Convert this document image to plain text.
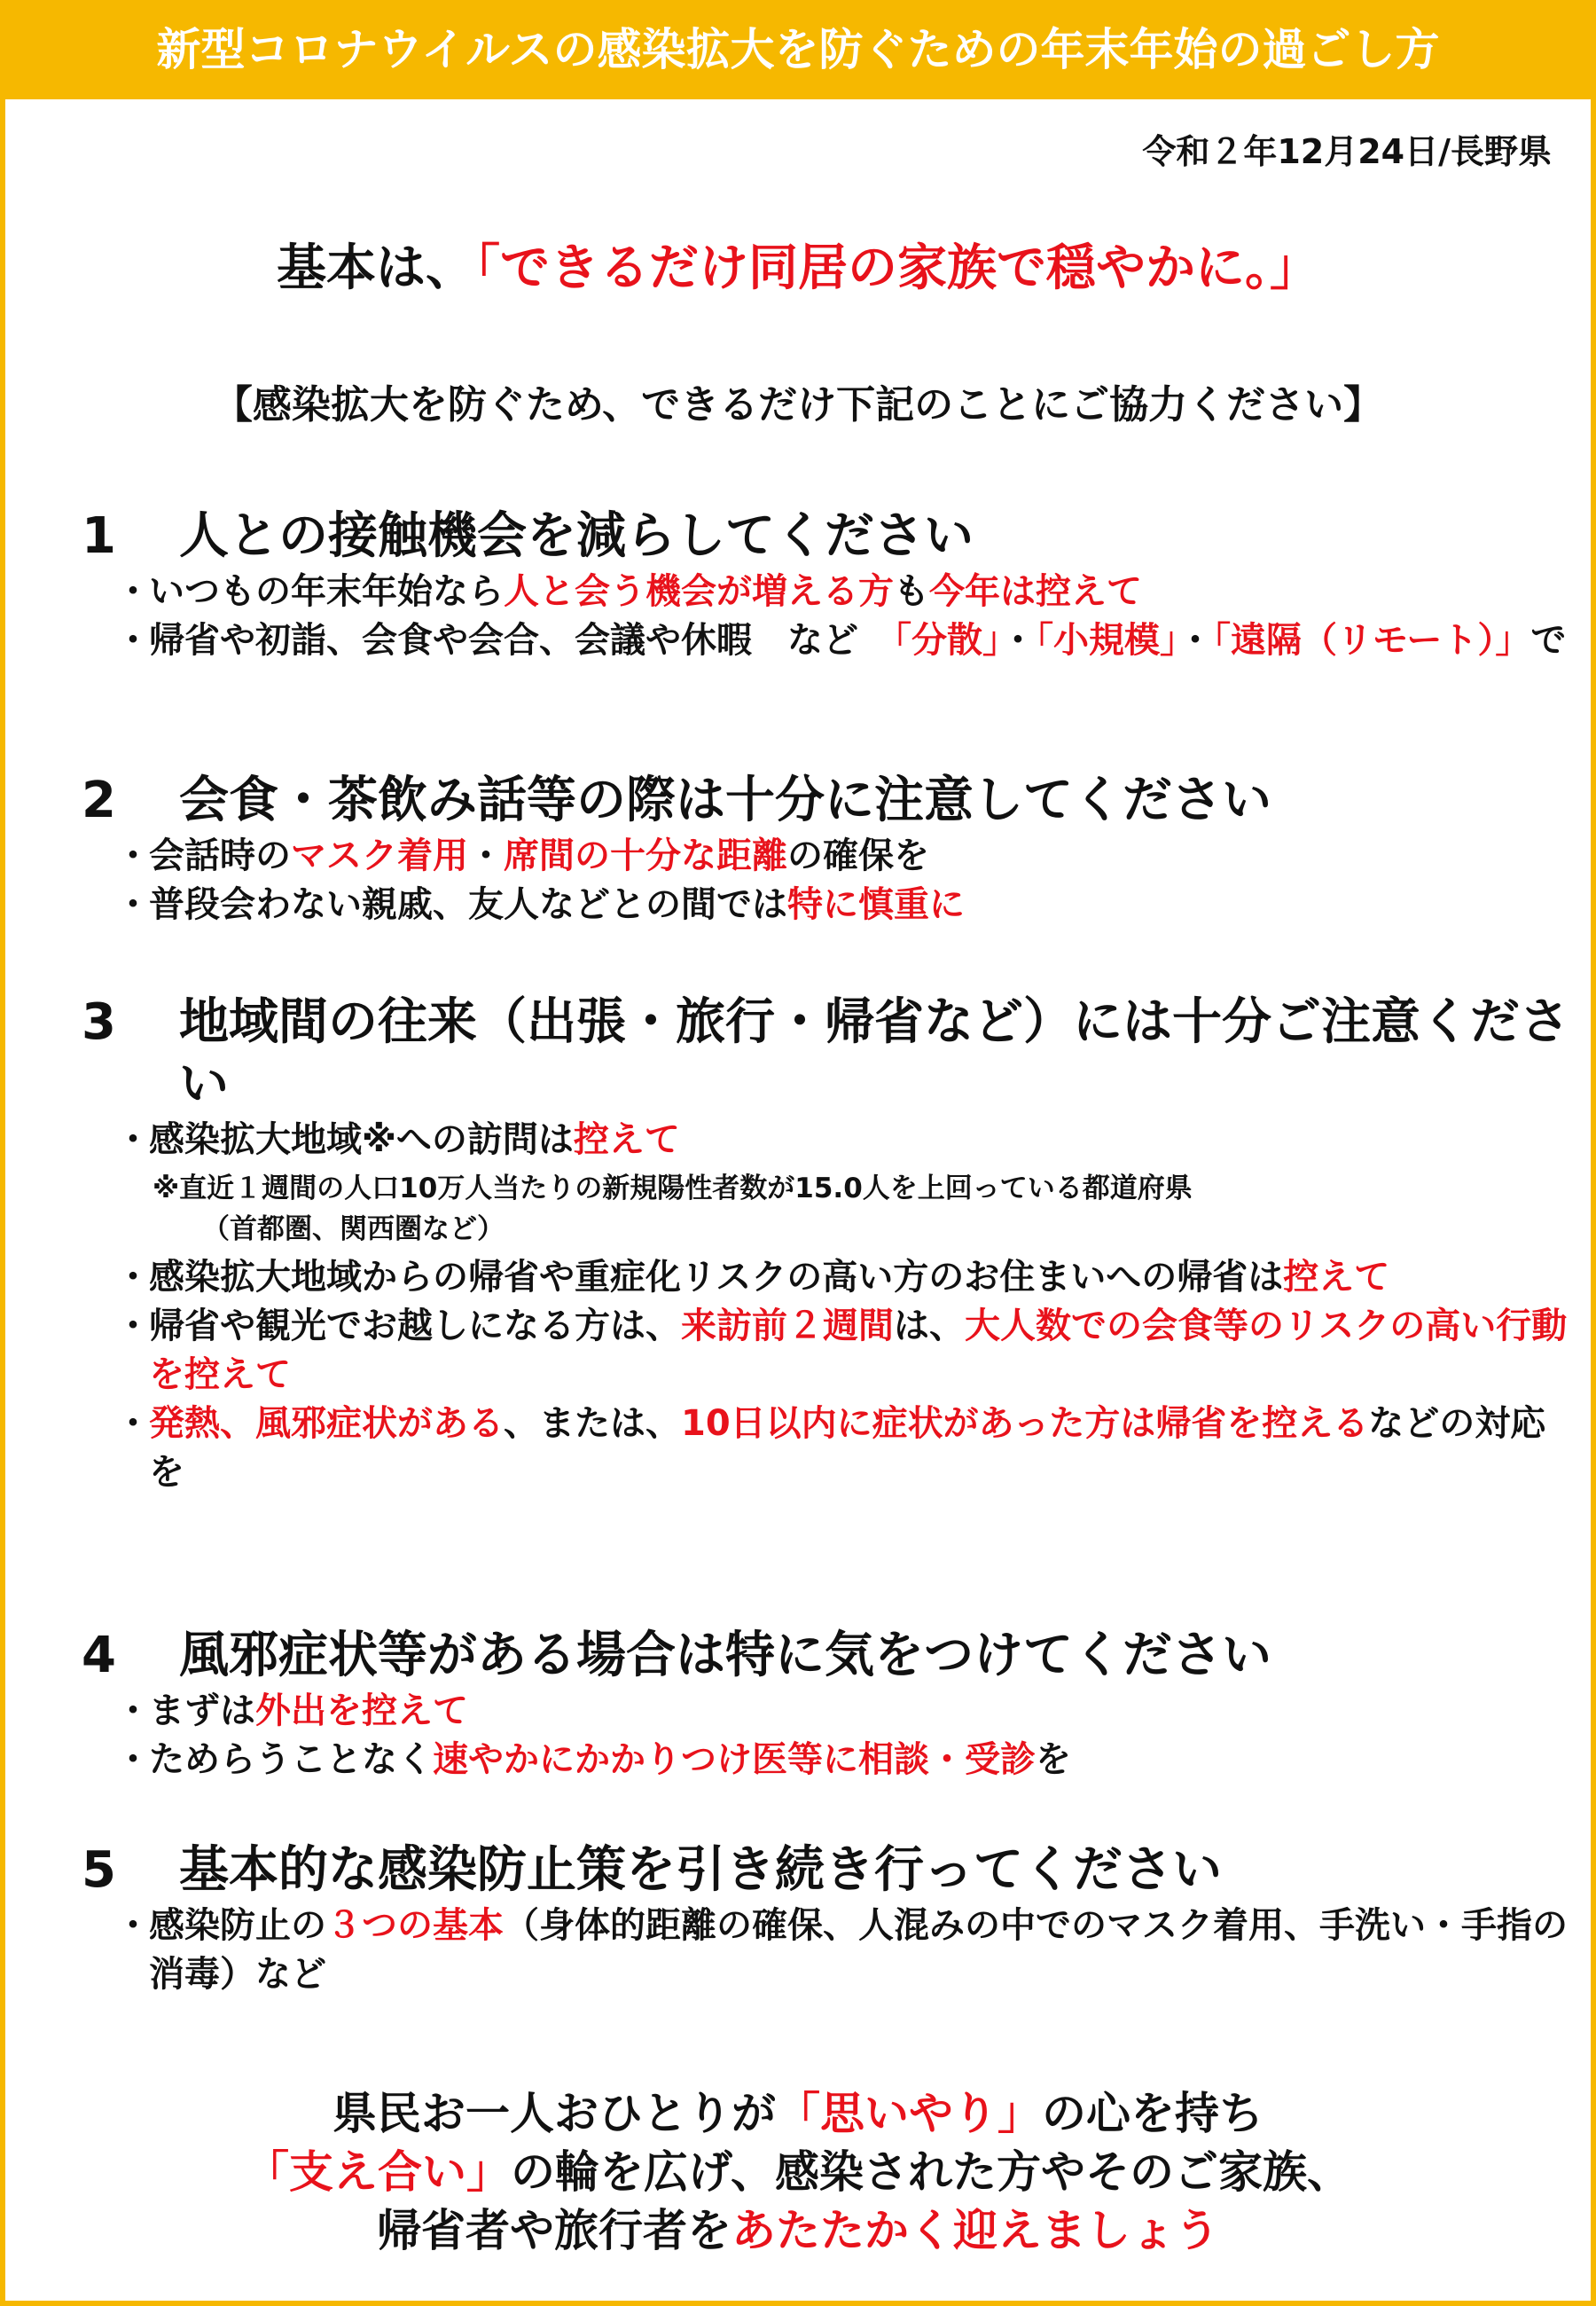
新型コロナウイルスの感染拡大を防ぐための年末年始の過ごし方
令和２年12月24日/長野県
基本は、「できるだけ同居の家族で穏やかに。」
【感染拡大を防ぐため、できるだけ下記のことにご協力ください】
1	人との接触機会を減らしてください
・
いつもの年末年始なら人と会う機会が増える方も今年は控えて
・
帰省や初詣、会食や会合、会議や休暇　など　「分散」・「小規模」・「遠隔（リモート）」で
2	会食・茶飲み話等の際は十分に注意してください
・
会話時のマスク着用・席間の十分な距離の確保を
・
普段会わない親戚、友人などとの間では特に慎重に
3	地域間の往来（出張・旅行・帰省など）には十分ご注意ください
・
感染拡大地域※への訪問は控えて
※直近１週間の人口10万人当たりの新規陽性者数が15.0人を上回っている都道府県
（首都圏、関西圏など）
・
感染拡大地域からの帰省や重症化リスクの高い方のお住まいへの帰省は控えて
・
帰省や観光でお越しになる方は、来訪前２週間は、大人数での会食等のリスクの高い行動を控えて
・
発熱、風邪症状がある、または、10日以内に症状があった方は帰省を控えるなどの対応を
4	風邪症状等がある場合は特に気をつけてください
・
まずは外出を控えて
・
ためらうことなく速やかにかかりつけ医等に相談・受診を
5	基本的な感染防止策を引き続き行ってください
・
感染防止の３つの基本（身体的距離の確保、人混みの中でのマスク着用、手洗い・手指の消毒）など
県民お一人おひとりが「思いやり」の心を持ち
「支え合い」の輪を広げ、感染された方やそのご家族、
帰省者や旅行者をあたたかく迎えましょう
